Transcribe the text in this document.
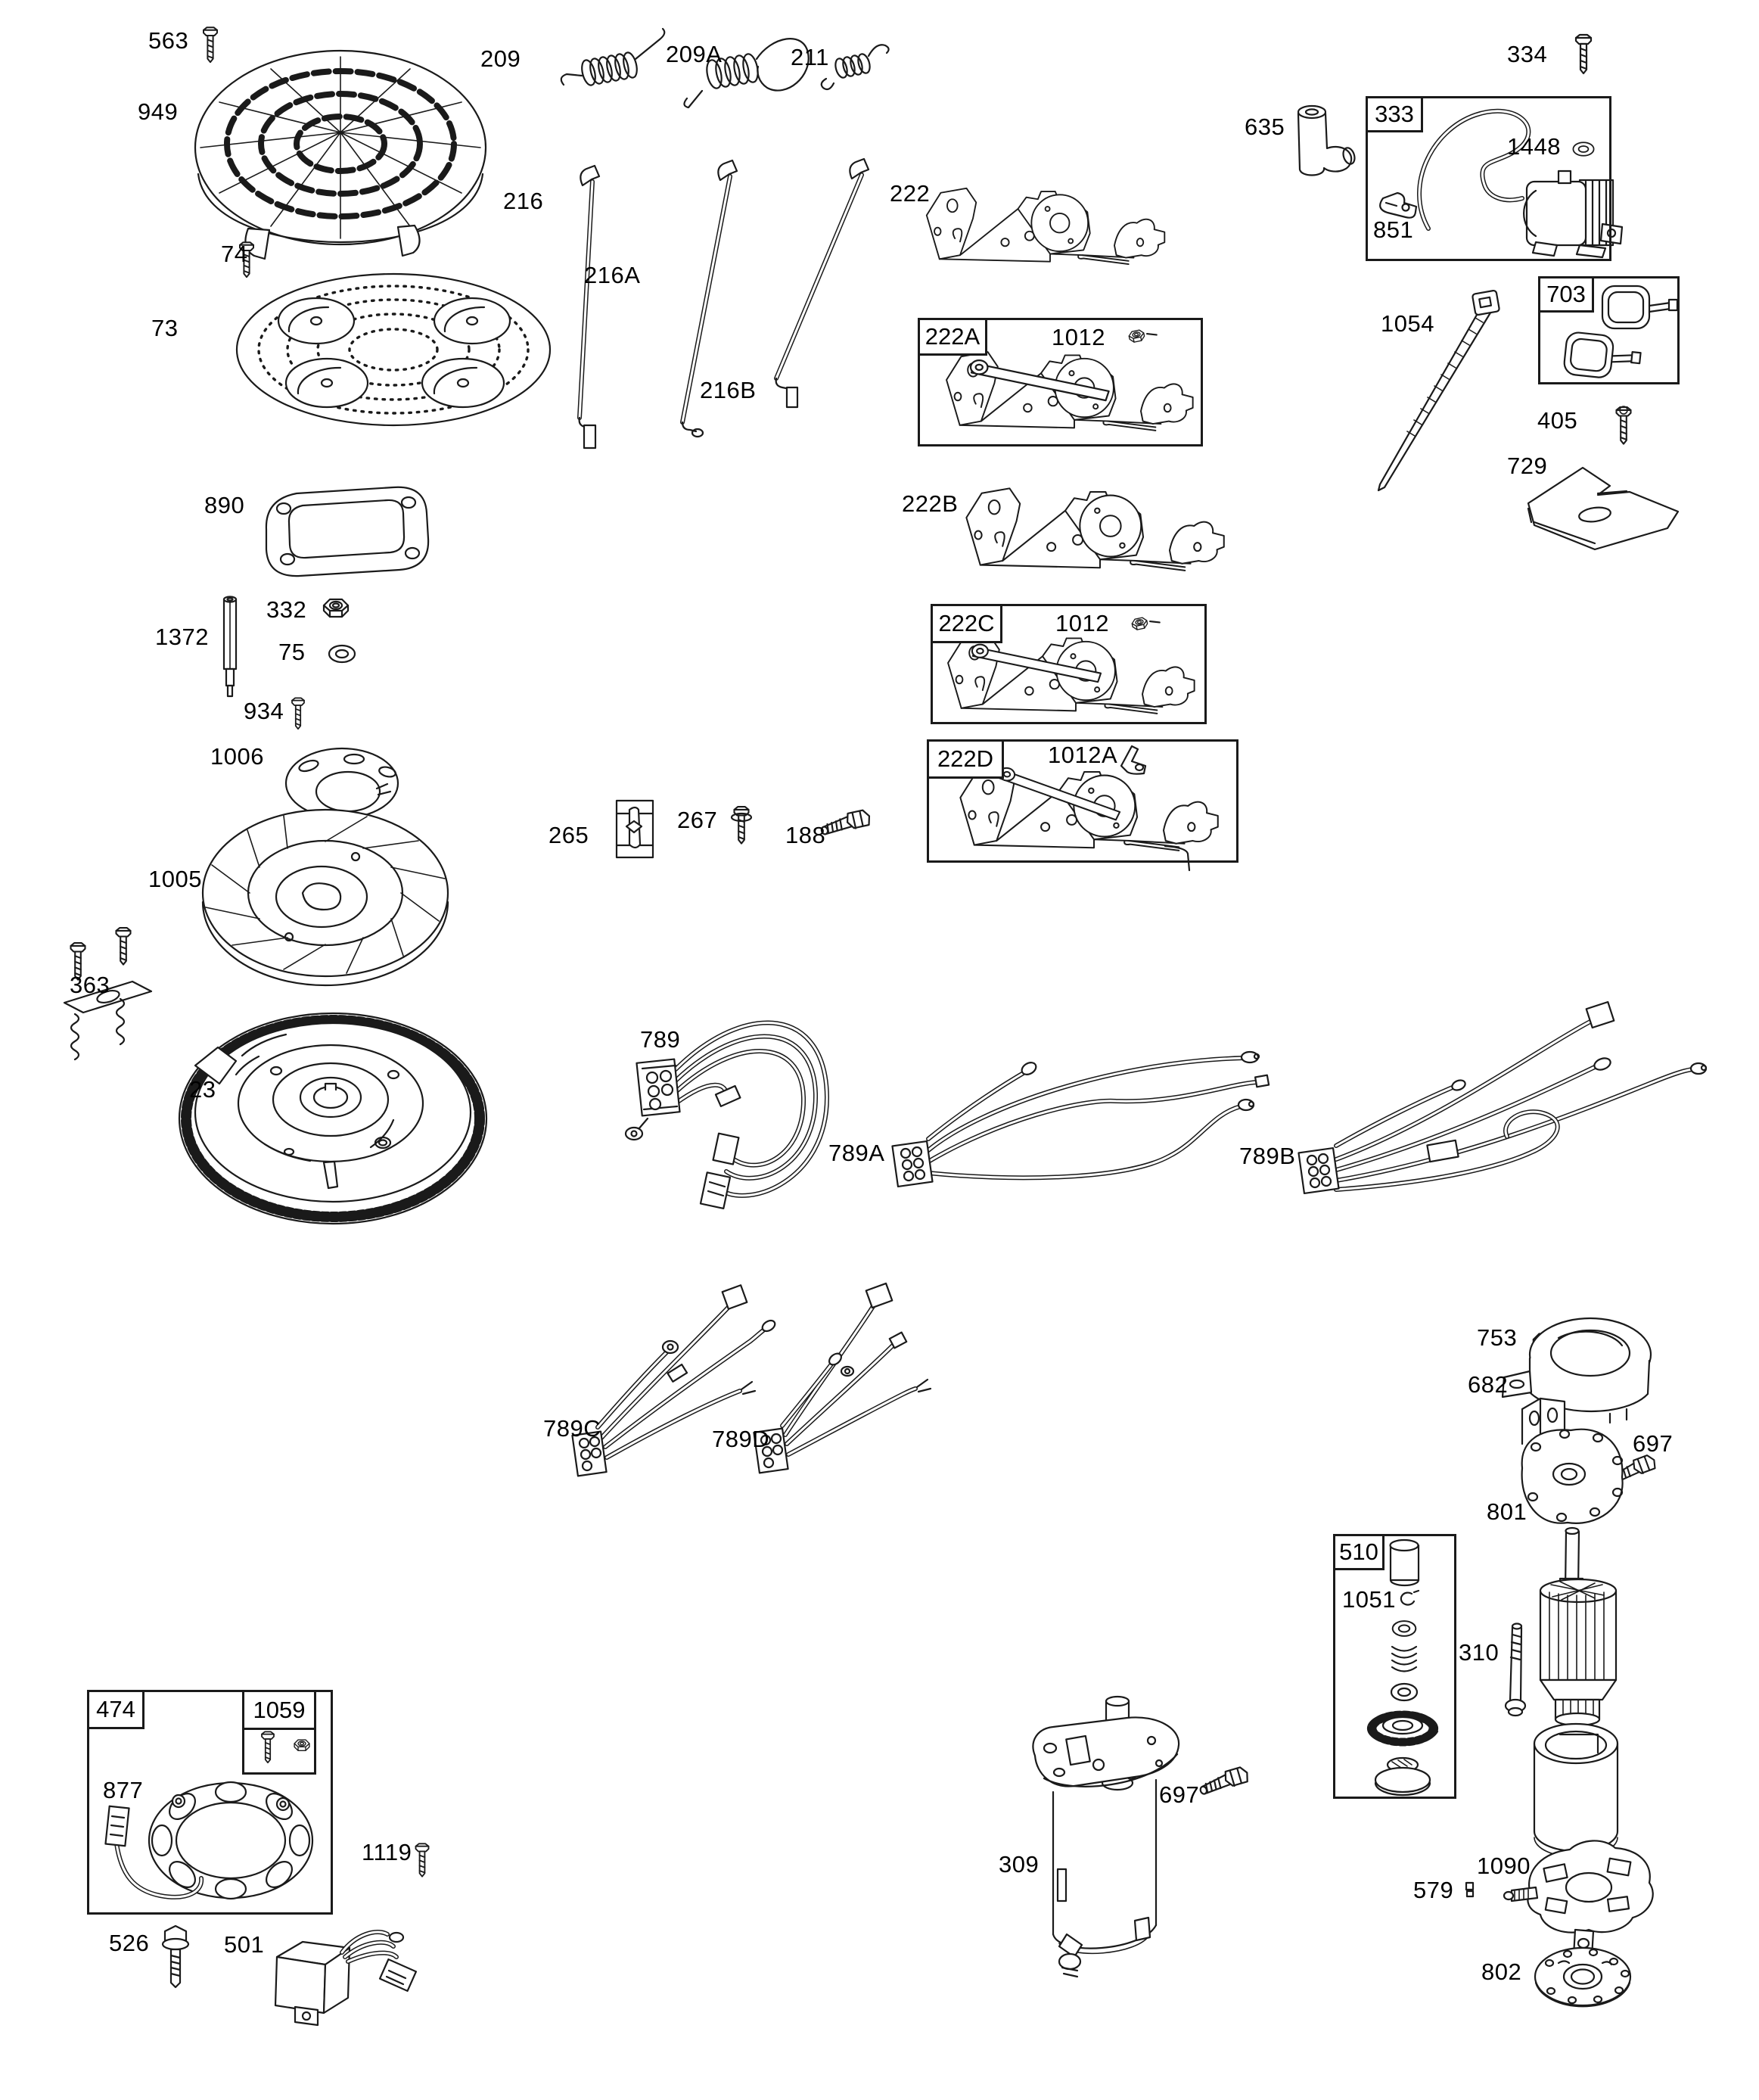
222A
222C
222D
333
703
510
474	1059
563
949
74
73
890
1372
332
75
934
1006
1005
363
23
209	209A	211
216
216A
216B
222
1012
222B
1012
1012A
265
267
188
334
635
851
1448
1054
405
729
789
789A	789B
789C	789D
753
682
697
801
1051
310
309
697
1090
579
802
877
1119
526	501
